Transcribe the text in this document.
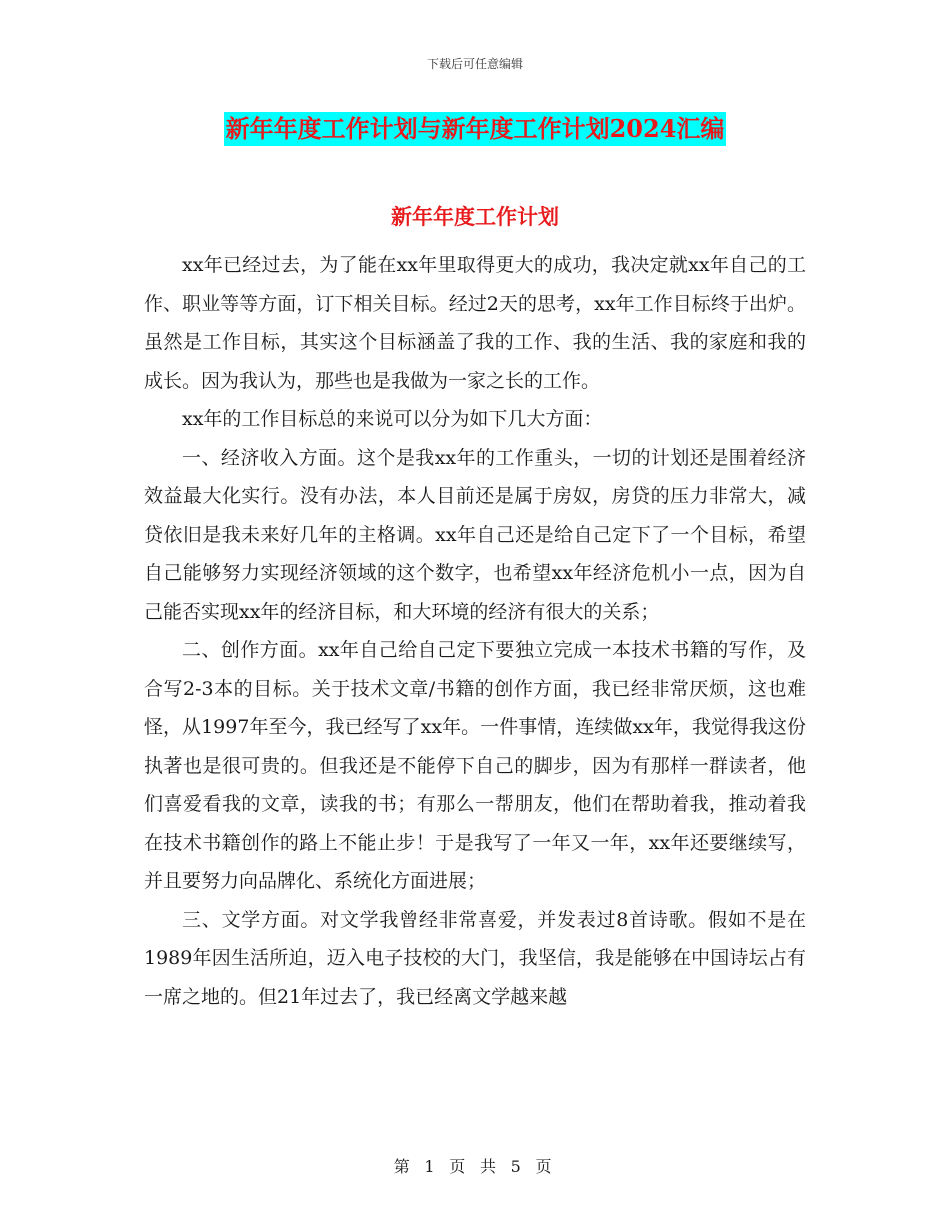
下载后可任意编辑
新年年度工作计划与新年度工作计划2024汇编
新年年度工作计划

xx年已经过去，为了能在xx年里取得更大的成功，我决定就xx年自己的工作、职业等等方面，订下相关目标。经过2天的思考，xx年工作目标终于出炉。虽然是工作目标，其实这个目标涵盖了我的工作、我的生活、我的家庭和我的成长。因为我认为，那些也是我做为一家之长的工作。

xx年的工作目标总的来说可以分为如下几大方面：

一、经济收入方面。这个是我xx年的工作重头，一切的计划还是围着经济效益最大化实行。没有办法，本人目前还是属于房奴，房贷的压力非常大，减贷依旧是我未来好几年的主格调。xx年自己还是给自己定下了一个目标，希望自己能够努力实现经济领域的这个数字，也希望xx年经济危机小一点，因为自己能否实现xx年的经济目标，和大环境的经济有很大的关系；

二、创作方面。xx年自己给自己定下要独立完成一本技术书籍的写作，及合写2-3本的目标。关于技术文章/书籍的创作方面，我已经非常厌烦，这也难怪，从1997年至今，我已经写了xx年。一件事情，连续做xx年，我觉得我这份执著也是很可贵的。但我还是不能停下自己的脚步，因为有那样一群读者，他们喜爱看我的文章，读我的书；有那么一帮朋友，他们在帮助着我，推动着我在技术书籍创作的路上不能止步！于是我写了一年又一年，xx年还要继续写，并且要努力向品牌化、系统化方面进展；

三、文学方面。对文学我曾经非常喜爱，并发表过8首诗歌。假如不是在1989年因生活所迫，迈入电子技校的大门，我坚信，我是能够在中国诗坛占有一席之地的。但21年过去了，我已经离文学越来越

第 1 页 共 5 页
